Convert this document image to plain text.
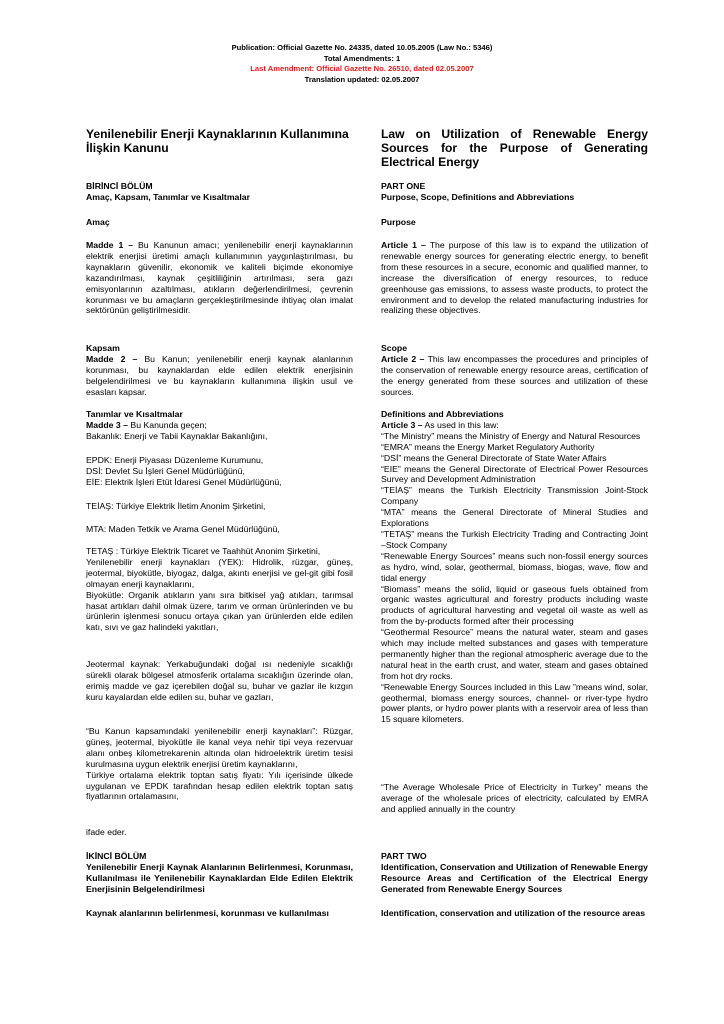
Publication: Official Gazette No. 24335, dated 10.05.2005 (Law No.: 5346)
Total Amendments: 1
Last Amendment: Official Gazette No. 26510, dated 02.05.2007
Translation updated: 02.05.2007

Yenilenebilir Enerji Kaynaklarının Kullanımına İlişkin Kanunu

BİRİNCİ BÖLÜM

Amaç, Kapsam, Tanımlar ve Kısaltmalar

Amaç

Madde 1 – Bu Kanunun amacı; yenilenebilir enerji kaynaklarının elektrik enerjisi üretimi amaçlı kullanımının yaygınlaştırılması, bu kaynakların güvenilir, ekonomik ve kaliteli biçimde ekonomiye kazandırılması, kaynak çeşitliliğinin artırılması, sera gazı emisyonlarının azaltılması, atıkların değerlendirilmesi, çevrenin korunması ve bu amaçların gerçekleştirilmesinde ihtiyaç olan imalat sektörünün geliştirilmesidir.

Kapsam

Madde 2 – Bu Kanun; yenilenebilir enerji kaynak alanlarının korunması, bu kaynaklardan elde edilen elektrik enerjisinin belgelendirilmesi ve bu kaynakların kullanımına ilişkin usul ve esasları kapsar.

Tanımlar ve Kısaltmalar

Madde 3 – Bu Kanunda geçen;

Bakanlık: Enerji ve Tabii Kaynaklar Bakanlığını,

EPDK: Enerji Piyasası Düzenleme Kurumunu,

DSİ: Devlet Su İşleri Genel Müdürlüğünü,

EİE: Elektrik İşleri Etüt İdaresi Genel Müdürlüğünü,

TEİAŞ: Türkiye Elektrik İletim Anonim Şirketini,

MTA: Maden Tetkik ve Arama Genel Müdürlüğünü,

TETAŞ : Türkiye Elektrik Ticaret ve Taahhüt Anonim Şirketini,

Yenilenebilir enerji kaynakları (YEK): Hidrolik, rüzgar, güneş, jeotermal, biyokütle, biyogaz, dalga, akıntı enerjisi ve gel-git gibi fosil olmayan enerji kaynaklarını,

Biyokütle: Organik atıkların yanı sıra bitkisel yağ atıkları, tarımsal hasat artıkları dahil olmak üzere, tarım ve orman ürünlerinden ve bu ürünlerin işlenmesi sonucu ortaya çıkan yan ürünlerden elde edilen katı, sıvı ve gaz halindeki yakıtları,

Jeotermal kaynak: Yerkabuğundaki doğal ısı nedeniyle sıcaklığı sürekli olarak bölgesel atmosferik ortalama sıcaklığın üzerinde olan, erimiş madde ve gaz içerebilen doğal su, buhar ve gazlar ile kızgın kuru kayalardan elde edilen su, buhar ve gazları,

“Bu Kanun kapsamındaki yenilenebilir enerji kaynakları”: Rüzgar, güneş, jeotermal, biyokütle ile kanal veya nehir tipi veya rezervuar alanı onbeş kilometrekarenin altında olan hidroelektrik üretim tesisi kurulmasına uygun elektrik enerjisi üretim kaynaklarını,

Türkiye ortalama elektrik toptan satış fiyatı: Yılı içerisinde ülkede uygulanan ve EPDK tarafından hesap edilen elektrik toptan satış fiyatlarının ortalamasını,

ifade eder.

İKİNCİ BÖLÜM

Yenilenebilir Enerji Kaynak Alanlarının Belirlenmesi, Korunması, Kullanılması ile Yenilenebilir Kaynaklardan Elde Edilen Elektrik Enerjisinin Belgelendirilmesi

Kaynak alanlarının belirlenmesi, korunması ve kullanılması

Law on Utilization of Renewable Energy Sources for the Purpose of Generating Electrical Energy

PART ONE

Purpose, Scope, Definitions and Abbreviations

Purpose

Article 1 – The purpose of this law is to expand the utilization of renewable energy sources for generating electric energy, to benefit from these resources in a secure, economic and qualified manner, to increase the diversification of energy resources, to reduce greenhouse gas emissions, to assess waste products, to protect the environment and to develop the related manufacturing industries for realizing these objectives.

Scope

Article 2 – This law encompasses the procedures and principles of the conservation of renewable energy resource areas, certification of the energy generated from these sources and utilization of these sources.

Definitions and Abbreviations

Article 3 – As used in this law:

“The Ministry” means the Ministry of Energy and Natural Resources

“EMRA” means the Energy Market Regulatory Authority

“DSİ” means the General Directorate of State Water Affairs

“EIE” means the General Directorate of Electrical Power Resources Survey and Development Administration

“TEİAŞ” means the Turkish Electricity Transmission Joint-Stock Company

“MTA” means the General Directorate of Mineral Studies and Explorations

“TETAŞ” means the Turkish Electricity Trading and Contracting Joint –Stock Company

“Renewable Energy Sources” means such non-fossil energy sources as hydro, wind, solar, geothermal, biomass, biogas, wave, flow and tidal energy

“Biomass” means the solid, liquid or gaseous fuels obtained from organic wastes agricultural and forestry products including waste products of agricultural harvesting and vegetal oil waste as well as from the by-products formed after their processing

“Geothermal Resource” means the natural water, steam and gases which may include melted substances and gases with temperature permanently higher than the regional atmospheric average due to the natural heat in the earth crust, and water, steam and gases obtained from hot dry rocks.

“Renewable Energy Sources included in this Law ”means wind, solar, geothermal, biomass energy sources, channel- or river-type hydro power plants, or hydro power plants with a reservoir area of less than 15 square kilometers.

“The Average Wholesale Price of Electricity in Turkey” means the average of the wholesale prices of electricity, calculated by EMRA and applied annually in the country

PART TWO

Identification, Conservation and Utilization of Renewable Energy Resource Areas and Certification of the Electrical Energy Generated from Renewable Energy Sources

Identification, conservation and utilization of the resource areas
